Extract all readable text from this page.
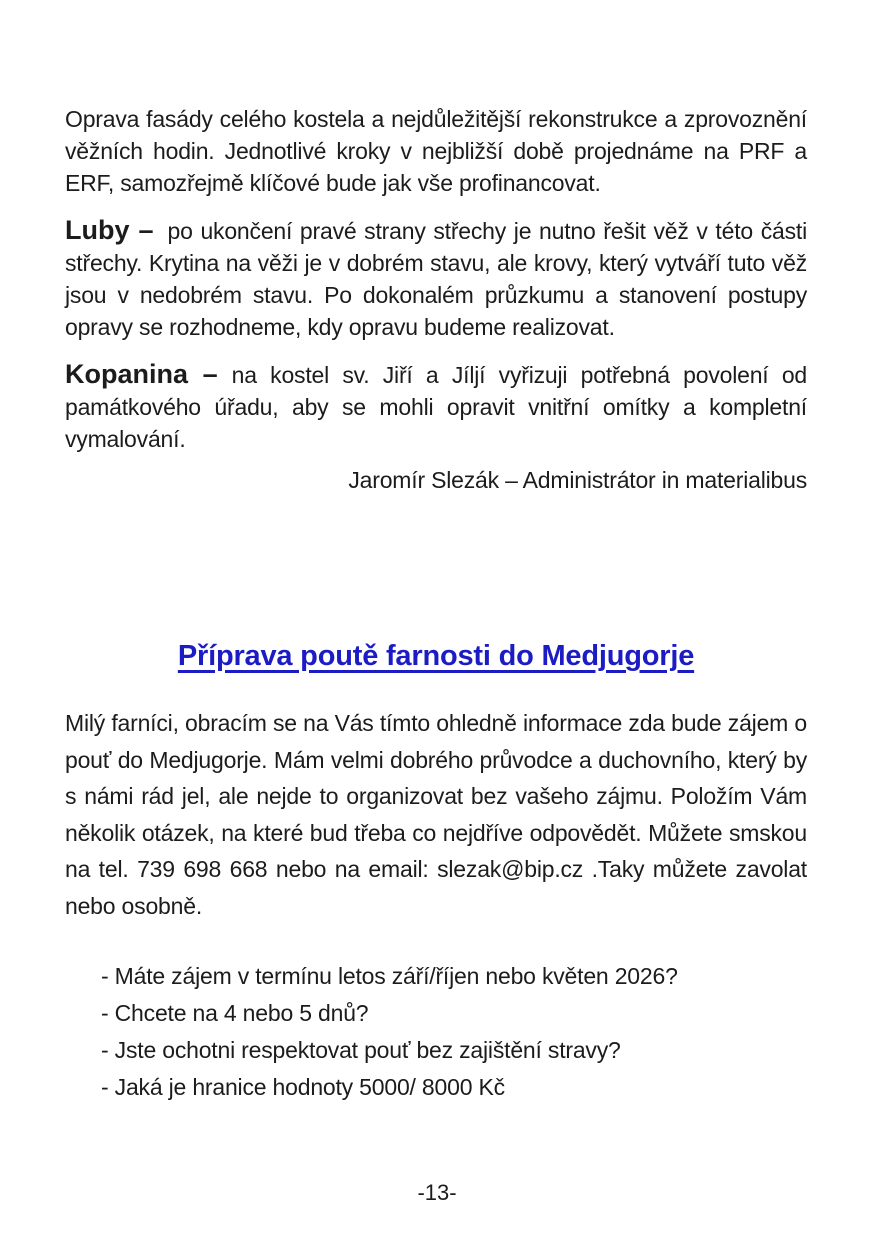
Oprava fasády celého kostela a nejdůležitější rekonstrukce a zprovoznění věžních hodin. Jednotlivé kroky v nejbližší době projednáme na PRF a ERF, samozřejmě klíčové bude jak vše profinancovat.

Luby – po ukončení pravé strany střechy je nutno řešit věž v této části střechy. Krytina na věži je v dobrém stavu, ale krovy, který vytváří tuto věž jsou v nedobrém stavu. Po dokonalém průzkumu a stanovení postupy opravy se rozhodneme, kdy opravu budeme realizovat.

Kopanina – na kostel sv. Jiří a Jíljí vyřizuji potřebná povolení od památkového úřadu, aby se mohli opravit vnitřní omítky a kompletní vymalování.

Jaromír Slezák – Administrátor in materialibus

Příprava poutě farnosti do Medjugorje

Milý farníci, obracím se na Vás tímto ohledně informace zda bude zájem o pouť do Medjugorje. Mám velmi dobrého průvodce a duchovního, který by s námi rád jel, ale nejde to organizovat bez vašeho zájmu. Položím Vám několik otázek, na které bud třeba co nejdříve odpovědět. Můžete smskou na tel. 739 698 668 nebo na email: slezak@bip.cz .Taky můžete zavolat nebo osobně.

- Máte zájem v termínu letos září/říjen nebo květen 2026?
- Chcete na 4 nebo 5 dnů?
- Jste ochotni respektovat pouť bez zajištění stravy?
- Jaká je hranice hodnoty 5000/ 8000 Kč
-13-
